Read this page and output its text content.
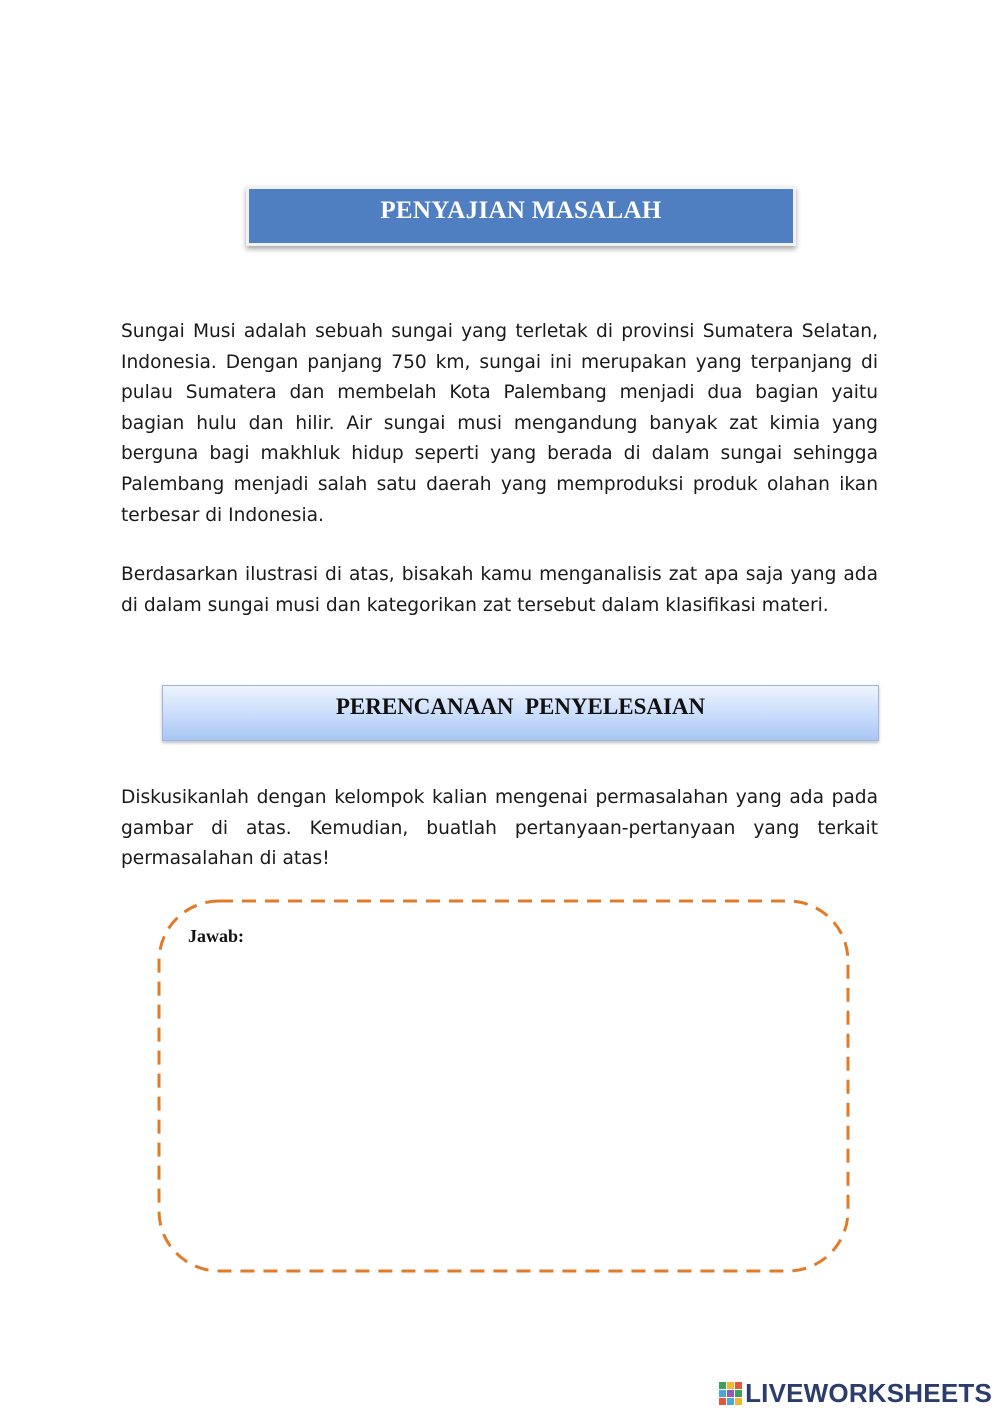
PENYAJIAN MASALAH

Sungai Musi adalah sebuah sungai yang terletak di provinsi Sumatera Selatan, Indonesia. Dengan panjang 750 km, sungai ini merupakan yang terpanjang di pulau Sumatera dan membelah Kota Palembang menjadi dua bagian yaitu bagian hulu dan hilir. Air sungai musi mengandung banyak zat kimia yang berguna bagi makhluk hidup seperti yang berada di dalam sungai sehingga Palembang menjadi salah satu daerah yang memproduksi produk olahan ikan terbesar di Indonesia.

Berdasarkan ilustrasi di atas, bisakah kamu menganalisis zat apa saja yang ada di dalam sungai musi dan kategorikan zat tersebut dalam klasifikasi materi.

PERENCANAAN  PENYELESAIAN

Diskusikanlah dengan kelompok kalian mengenai permasalahan yang ada pada gambar di atas. Kemudian, buatlah pertanyaan-pertanyaan yang terkait permasalahan di atas!

Jawab:
LIVEWORKSHEETS
